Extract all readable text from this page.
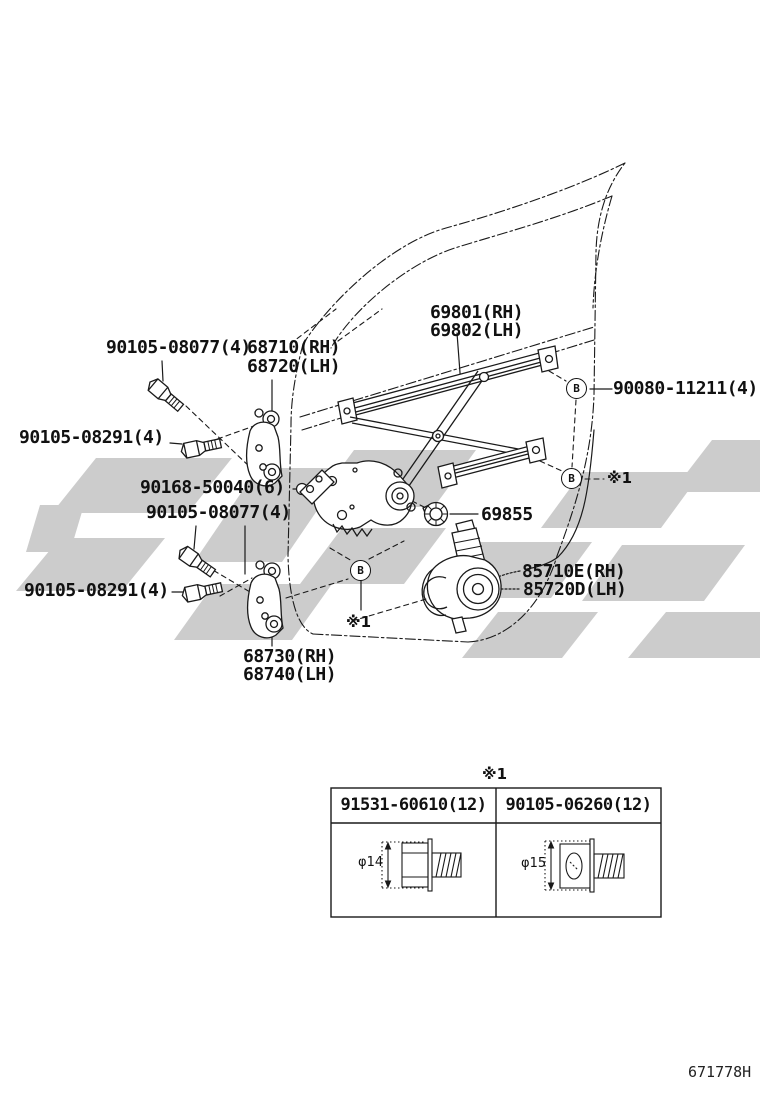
90105-08077(4)
68710(RH)
68720(LH)
69801(RH)
69802(LH)
90080-11211(4)
90105-08291(4)
90168-50040(6)
90105-08077(4)	69855
90105-08291(4)
85710E(RH)
85720D(LH)
68730(RH)
68740(LH)
※1
※1
※1
B
B
B
91531-60610(12)	90105-06260(12)
φ14	φ15
671778H
